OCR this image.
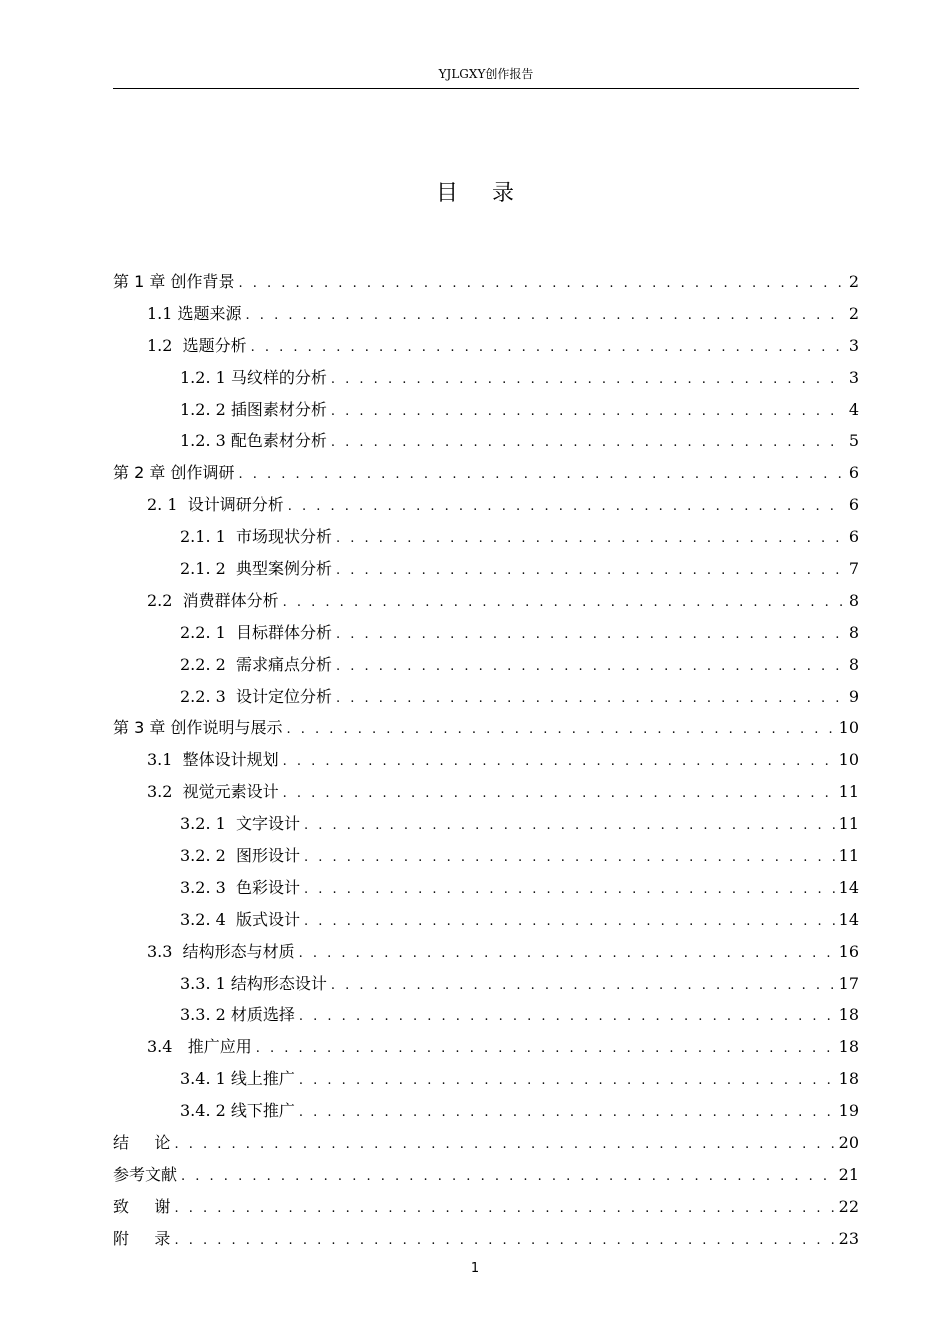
YJLGXY创作报告
目录
第 1 章 创作背景 . . .	2
1.1 选题来源 . . .	2
1.2  选题分析 . . .	3
1.2. 1 马纹样的分析 . . .	3
1.2. 2 插图素材分析 . . .	4
1.2. 3 配色素材分析 . . .	5
第 2 章 创作调研 . . .	6
2. 1  设计调研分析 . . .	6
2.1. 1  市场现状分析 . . .	6
2.1. 2  典型案例分析 . . .	7
2.2  消费群体分析 . . .	8
2.2. 1  目标群体分析 . . .	8
2.2. 2  需求痛点分析 . . .	8
2.2. 3  设计定位分析 . . .	9
第 3 章 创作说明与展示 . . .	10
3.1  整体设计规划 . . .	10
3.2  视觉元素设计 . . .	11
3.2. 1  文字设计 . . .	11
3.2. 2  图形设计 . . .	11
3.2. 3  色彩设计 . . .	14
3.2. 4  版式设计 . . .	14
3.3  结构形态与材质 . . .	16
3.3. 1 结构形态设计 . . .	17
3.3. 2 材质选择 . . .	18
3.4   推广应用 . . .	18
3.4. 1 线上推广 . . .	18
3.4. 2 线下推广 . . .	19
结     论 . . .	20
参考文献 . . .	21
致     谢 . . .	22
附     录 . . .	23
1
